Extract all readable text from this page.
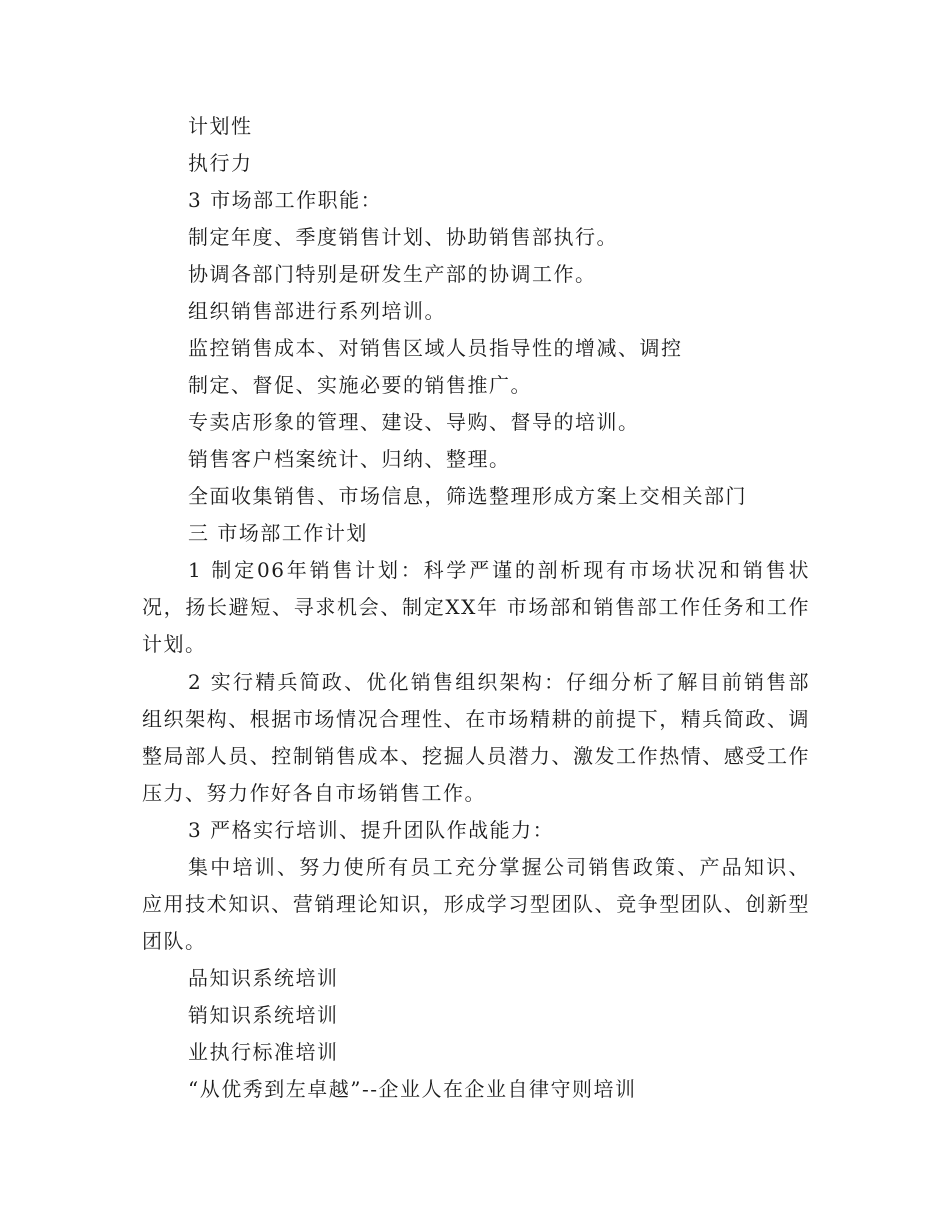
计划性
执行力
3 市场部工作职能：
制定年度、季度销售计划、协助销售部执行。
协调各部门特别是研发生产部的协调工作。
组织销售部进行系列培训。
监控销售成本、对销售区域人员指导性的增减、调控
制定、督促、实施必要的销售推广。
专卖店形象的管理、建设、导购、督导的培训。
销售客户档案统计、归纳、整理。
全面收集销售、市场信息，筛选整理形成方案上交相关部门
三 市场部工作计划
1 制定06年销售计划：科学严谨的剖析现有市场状况和销售状况，扬长避短、寻求机会、制定XX年 市场部和销售部工作任务和工作计划。
2 实行精兵简政、优化销售组织架构：仔细分析了解目前销售部组织架构、根据市场情况合理性、在市场精耕的前提下，精兵简政、调整局部人员、控制销售成本、挖掘人员潜力、激发工作热情、感受工作压力、努力作好各自市场销售工作。
3 严格实行培训、提升团队作战能力：
集中培训、努力使所有员工充分掌握公司销售政策、产品知识、应用技术知识、营销理论知识，形成学习型团队、竞争型团队、创新型团队。
品知识系统培训
销知识系统培训
业执行标准培训
“从优秀到左卓越”--企业人在企业自律守则培训
